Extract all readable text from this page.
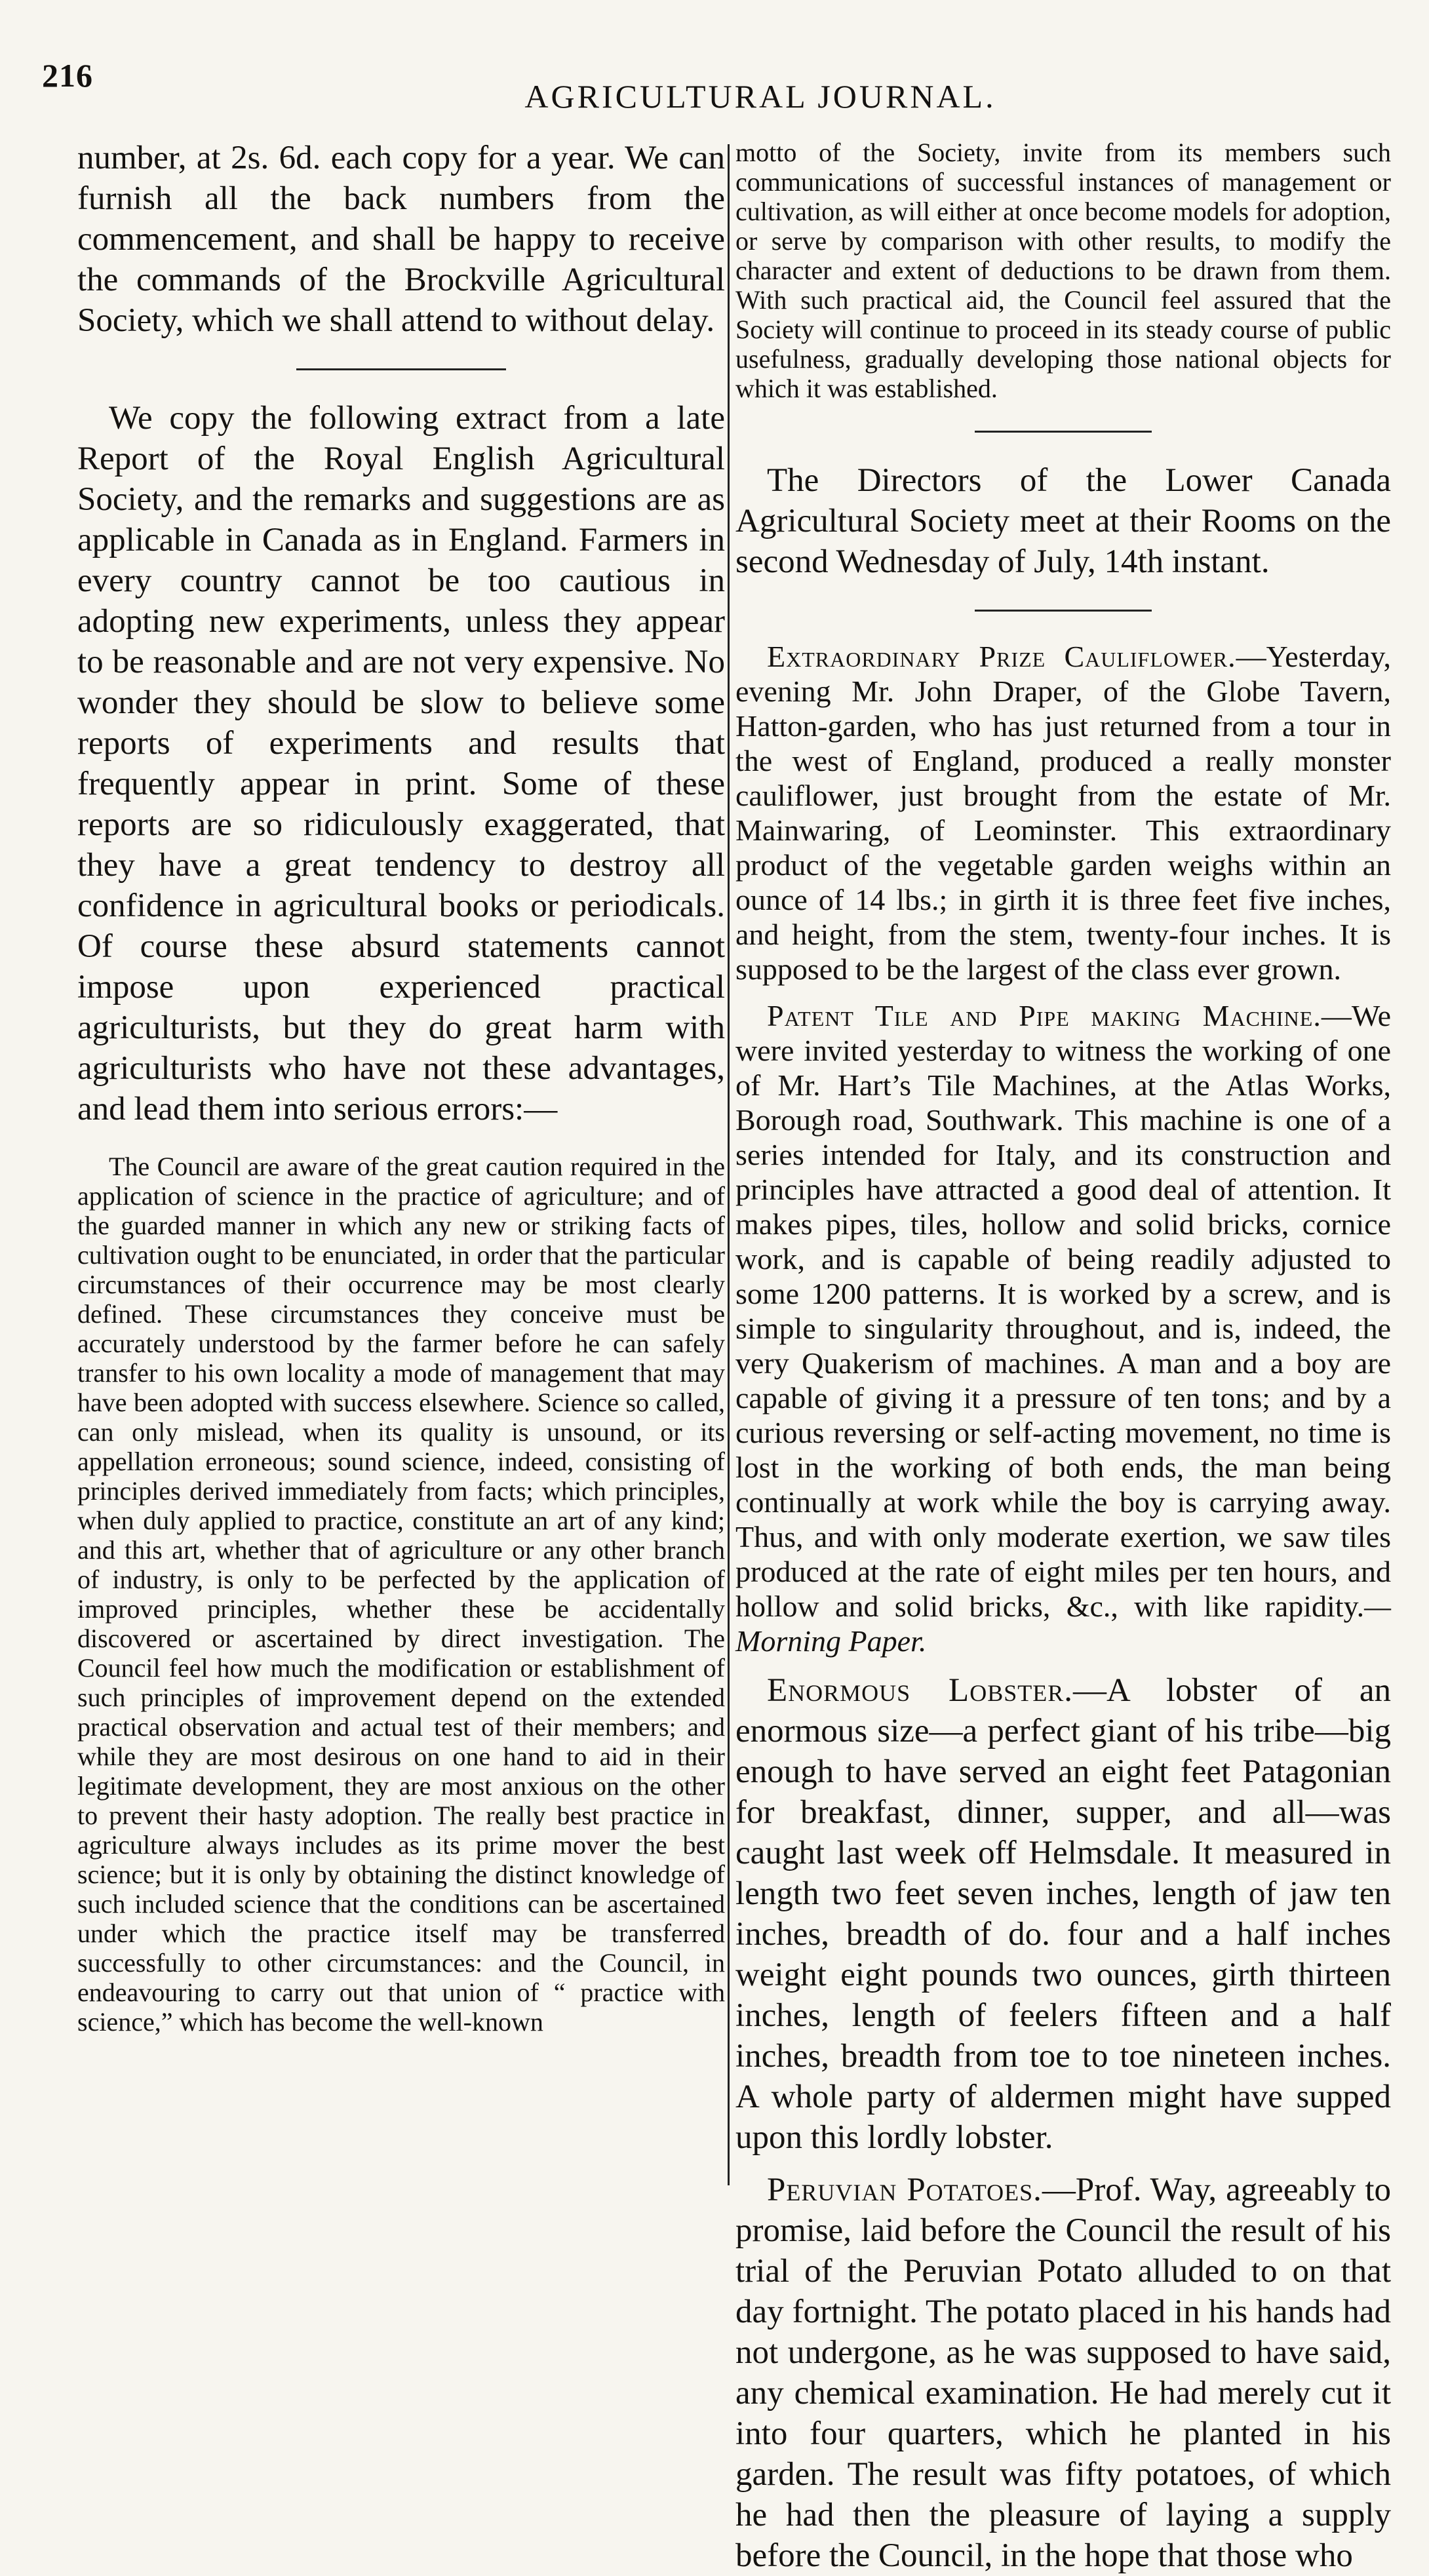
216
AGRICULTURAL JOURNAL.

number, at 2s. 6d. each copy for a year. We can furnish all the back numbers from the commencement, and shall be happy to receive the commands of the Brockville Agricultural Society, which we shall attend to without delay.

We copy the following extract from a late Report of the Royal English Agricultural Society, and the remarks and suggestions are as applicable in Canada as in England. Farmers in every country cannot be too cautious in adopting new experiments, unless they appear to be reasonable and are not very expensive. No wonder they should be slow to believe some reports of experiments and results that frequently appear in print. Some of these reports are so ridiculously exaggerated, that they have a great tendency to destroy all confidence in agricultural books or periodicals. Of course these absurd statements cannot impose upon experienced practical agriculturists, but they do great harm with agriculturists who have not these advantages, and lead them into serious errors:—

The Council are aware of the great caution required in the application of science in the practice of agriculture; and of the guarded manner in which any new or striking facts of cultivation ought to be enunciated, in order that the particular circumstances of their occurrence may be most clearly defined. These circumstances they conceive must be accurately understood by the farmer before he can safely transfer to his own locality a mode of management that may have been adopted with success elsewhere. Science so called, can only mislead, when its quality is unsound, or its appellation erroneous; sound science, indeed, consisting of principles derived immediately from facts; which principles, when duly applied to practice, constitute an art of any kind; and this art, whether that of agriculture or any other branch of industry, is only to be perfected by the application of improved principles, whether these be accidentally discovered or ascertained by direct investigation. The Council feel how much the modification or establishment of such principles of improvement depend on the extended practical observation and actual test of their members; and while they are most desirous on one hand to aid in their legitimate development, they are most anxious on the other to prevent their hasty adoption. The really best practice in agriculture always includes as its prime mover the best science; but it is only by obtaining the distinct knowledge of such included science that the conditions can be ascertained under which the practice itself may be transferred successfully to other circumstances: and the Council, in endeavouring to carry out that union of “ practice with science,” which has become the well-known

motto of the Society, invite from its members such communications of successful instances of management or cultivation, as will either at once become models for adoption, or serve by comparison with other results, to modify the character and extent of deductions to be drawn from them. With such practical aid, the Council feel assured that the Society will continue to proceed in its steady course of public usefulness, gradually developing those national objects for which it was established.

The Directors of the Lower Canada Agricultural Society meet at their Rooms on the second Wednesday of July, 14th instant.

Extraordinary Prize Cauliflower.—Yesterday, evening Mr. John Draper, of the Globe Tavern, Hatton-garden, who has just returned from a tour in the west of England, produced a really monster cauliflower, just brought from the estate of Mr. Mainwaring, of Leominster. This extraordinary product of the vegetable garden weighs within an ounce of 14 lbs.; in girth it is three feet five inches, and height, from the stem, twenty-four inches. It is supposed to be the largest of the class ever grown.

Patent Tile and Pipe making Machine.—We were invited yesterday to witness the working of one of Mr. Hart’s Tile Machines, at the Atlas Works, Borough road, Southwark. This machine is one of a series intended for Italy, and its construction and principles have attracted a good deal of attention. It makes pipes, tiles, hollow and solid bricks, cornice work, and is capable of being readily adjusted to some 1200 patterns. It is worked by a screw, and is simple to singularity throughout, and is, indeed, the very Quakerism of machines. A man and a boy are capable of giving it a pressure of ten tons; and by a curious reversing or self-acting movement, no time is lost in the working of both ends, the man being continually at work while the boy is carrying away. Thus, and with only moderate exertion, we saw tiles produced at the rate of eight miles per ten hours, and hollow and solid bricks, &c., with like rapidity.—Morning Paper.

Enormous Lobster.—A lobster of an enormous size—a perfect giant of his tribe—big enough to have served an eight feet Patagonian for breakfast, dinner, supper, and all—was caught last week off Helmsdale. It measured in length two feet seven inches, length of jaw ten inches, breadth of do. four and a half inches weight eight pounds two ounces, girth thirteen inches, length of feelers fifteen and a half inches, breadth from toe to toe nineteen inches. A whole party of aldermen might have supped upon this lordly lobster.

Peruvian Potatoes.—Prof. Way, agreeably to promise, laid before the Council the result of his trial of the Peruvian Potato alluded to on that day fortnight. The potato placed in his hands had not undergone, as he was supposed to have said, any chemical examination. He had merely cut it into four quarters, which he planted in his garden. The result was fifty potatoes, of which he had then the pleasure of laying a supply before the Council, in the hope that those who
